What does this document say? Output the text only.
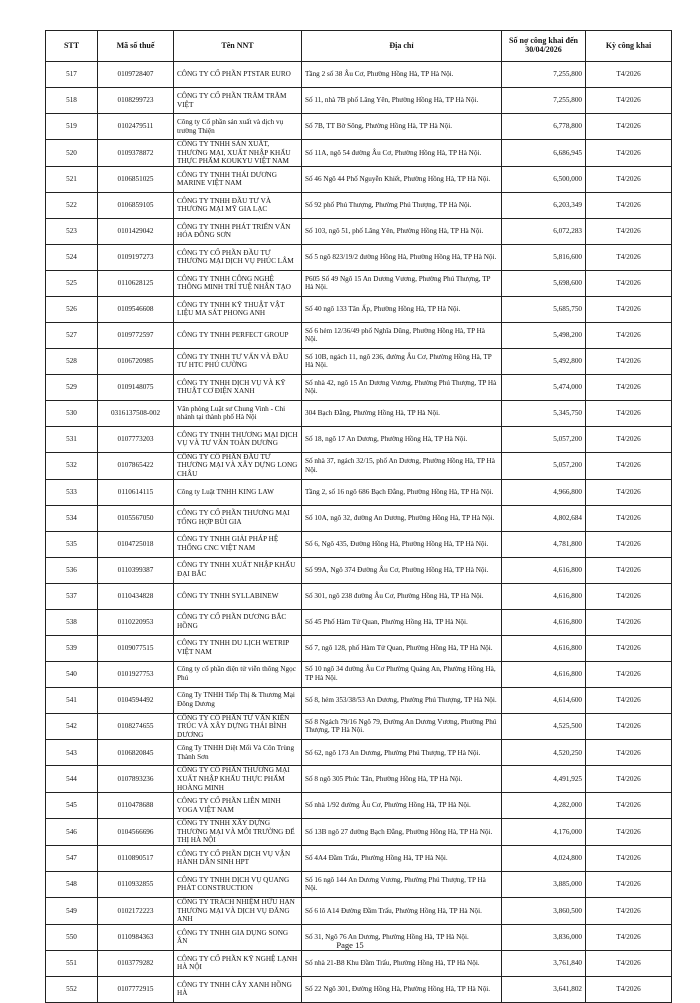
STT	Mã số thuế	Tên NNT	Địa chỉ	Số nợ công khai đến 30/04/2026	Kỳ công khai
517	0109728407	CÔNG TY CỔ PHẦN PTSTAR EURO	Tầng 2 số 38 Âu Cơ, Phường Hồng Hà, TP Hà Nội.	7,255,800	T4/2026
518	0108299723	CÔNG TY CỔ PHẦN TRĂM TRĂM VIỆT	Số 11, nhà 7B phố Lãng Yên, Phường Hồng Hà, TP Hà Nội.	7,255,800	T4/2026
519	0102479511	Công ty Cổ phần sản xuất và dịch vụ trường Thiện	Số 7B, TT Bờ Sông, Phường Hồng Hà, TP Hà Nội.	6,778,800	T4/2026
520	0109378872	CÔNG TY TNHH SẢN XUẤT, THƯƠNG MẠI, XUẤT NHẬP KHẨU THỰC PHẨM KOUKYU VIỆT NAM	Số 11A, ngõ 54 đường Âu Cơ, Phường Hồng Hà, TP Hà Nội.	6,686,945	T4/2026
521	0106851025	CÔNG TY TNHH THÁI DƯƠNG MARINE VIỆT NAM	Số 46 Ngõ 44 Phố Nguyễn Khiết, Phường Hồng Hà, TP Hà Nội.	6,500,000	T4/2026
522	0106859105	CÔNG TY TNHH ĐẦU TƯ VÀ THƯƠNG MẠI MỸ GIA LẠC	Số 92 phố Phú Thượng, Phường Phú Thượng, TP Hà Nội.	6,203,349	T4/2026
523	0101429042	CÔNG TY TNHH PHÁT TRIỂN VĂN HÓA ĐÔNG SƠN	Số 103, ngõ 51, phố Lãng Yên, Phường Hồng Hà, TP Hà Nội.	6,072,283	T4/2026
524	0109197273	CÔNG TY CỔ PHẦN ĐẦU TƯ THƯƠNG MẠI DỊCH VỤ PHÚC LÂM	Số 5 ngõ 823/19/2 đường Hồng Hà, Phường Hồng Hà, TP Hà Nội.	5,816,600	T4/2026
525	0110628125	CÔNG TY TNHH CÔNG NGHỆ THÔNG MINH TRÍ TUỆ NHÂN TẠO	P605 Số 49 Ngõ 15 An Dương Vương, Phường Phú Thượng, TP Hà Nội.	5,698,600	T4/2026
526	0109546608	CÔNG TY TNHH KỸ THUẬT VẬT LIỆU MA SÁT PHONG ANH	Số 40 ngõ 133 Tân Ấp, Phường Hồng Hà, TP Hà Nội.	5,685,750	T4/2026
527	0109772597	CÔNG TY TNHH PERFECT GROUP	Số 6 hẻm 12/36/49 phố Nghĩa Dũng, Phường Hồng Hà, TP Hà Nội.	5,498,200	T4/2026
528	0106720985	CÔNG TY TNHH TƯ VẤN VÀ ĐẦU TƯ HTC PHÚ CƯỜNG	Số 10B, ngách 11, ngõ 236, đường Âu Cơ, Phường Hồng Hà, TP Hà Nội.	5,492,800	T4/2026
529	0109148075	CÔNG TY TNHH DỊCH VỤ VÀ KỸ THUẬT CƠ ĐIỆN XANH	Số nhà 42, ngõ 15 An Dương Vương, Phường Phú Thượng, TP Hà Nội.	5,474,000	T4/2026
530	0316137508-002	Văn phòng Luật sư Chung Vinh - Chi nhánh tại thành phố Hà Nội	304 Bạch Đằng, Phường Hồng Hà, TP Hà Nội.	5,345,750	T4/2026
531	0107773203	CÔNG TY TNHH THƯƠNG MẠI DỊCH VỤ VÀ TƯ VẤN TOÀN DƯƠNG	Số 18, ngõ 17 An Dương, Phường Hồng Hà, TP Hà Nội.	5,057,200	T4/2026
532	0107865422	CÔNG TY CỔ PHẦN ĐẦU TƯ THƯƠNG MẠI VÀ XÂY DỰNG LONG CHÂU	Số nhà 37, ngách 32/15, phố An Dương, Phường Hồng Hà, TP Hà Nội.	5,057,200	T4/2026
533	0110614115	Công ty Luật TNHH KING LAW	Tầng 2, số 16 ngõ 686 Bạch Đằng, Phường Hồng Hà, TP Hà Nội.	4,966,800	T4/2026
534	0105567050	CÔNG TY CỔ PHẦN THƯƠNG MẠI TỔNG HỢP BÙI GIA	Số 10A, ngõ 32, đường An Dương, Phường Hồng Hà, TP Hà Nội.	4,802,684	T4/2026
535	0104725018	CÔNG TY TNHH GIẢI PHÁP HỆ THỐNG CNC VIỆT NAM	Số 6, Ngõ 435, Đường Hồng Hà, Phường Hồng Hà, TP Hà Nội.	4,781,800	T4/2026
536	0110399387	CÔNG TY TNHH XUẤT NHẬP KHẨU ĐẠI BẮC	Số 99A, Ngõ 374 Đường Âu Cơ, Phường Hồng Hà, TP Hà Nội.	4,616,800	T4/2026
537	0110434828	CÔNG TY TNHH SYLLABINEW	Số 301, ngõ 238 đường Âu Cơ, Phường Hồng Hà, TP Hà Nội.	4,616,800	T4/2026
538	0110220953	CÔNG TY CỔ PHẦN DƯƠNG BẮC HỒNG	Số 45 Phố Hàm Tử Quan, Phường Hồng Hà, TP Hà Nội.	4,616,800	T4/2026
539	0109077515	CÔNG TY TNHH DU LỊCH WETRIP VIỆT NAM	Số 7, ngõ 128, phố Hàm Tử Quan, Phường Hồng Hà, TP Hà Nội.	4,616,800	T4/2026
540	0101927753	Công ty cổ phần điện tử viễn thông Ngọc Phú	Số 10 ngõ 34 đường Âu Cơ Phường Quảng An, Phường Hồng Hà, TP Hà Nội.	4,616,800	T4/2026
541	0104594492	Công Ty TNHH Tiếp Thị & Thương Mại Đông Dương	Số 8, hẻm 353/38/53 An Dương, Phường Phú Thượng, TP Hà Nội.	4,614,600	T4/2026
542	0108274655	CÔNG TY CỔ PHẦN TƯ VẤN KIẾN TRÚC VÀ XÂY DỰNG THÁI BÌNH DƯƠNG	Số 8 Ngách 79/16 Ngõ 79, Đường An Dương Vương, Phường Phú Thượng, TP Hà Nội.	4,525,500	T4/2026
543	0106820845	Công Ty TNHH Diệt Mối Và Côn Trùng Thành Sơn	Số 62, ngõ 173 An Dương, Phường Phú Thượng, TP Hà Nội.	4,520,250	T4/2026
544	0107893236	CÔNG TY CỔ PHẦN THƯƠNG MẠI XUẤT NHẬP KHẨU THỰC PHẨM HOÀNG MINH	Số 8 ngõ 305 Phúc Tân, Phường Hồng Hà, TP Hà Nội.	4,491,925	T4/2026
545	0110478688	CÔNG TY CỔ PHẦN LIÊN MINH YOGA VIỆT NAM	Số nhà 1/92 đường Âu Cơ, Phường Hồng Hà, TP Hà Nội.	4,282,000	T4/2026
546	0104566696	CÔNG TY TNHH XÂY DỰNG THƯƠNG MẠI VÀ MÔI TRƯỜNG ĐỂ THỊ HÀ NỘI	Số 13B ngõ 27 đường Bạch Đằng, Phường Hồng Hà, TP Hà Nội.	4,176,000	T4/2026
547	0110890517	CÔNG TY CỔ PHẦN DỊCH VỤ VẬN HÀNH DÂN SINH HPT	Số 4A4 Đầm Trấu, Phường Hồng Hà, TP Hà Nội.	4,024,800	T4/2026
548	0110932855	CÔNG TY TNHH DỊCH VỤ QUANG PHÁT CONSTRUCTION	Số 16 ngõ 144 An Dương Vương, Phường Phú Thượng, TP Hà Nội.	3,885,000	T4/2026
549	0102172223	CÔNG TY TRÁCH NHIỆM HỮU HẠN THƯƠNG MẠI VÀ DỊCH VỤ ĐĂNG ANH	Số 6 lô A14 Đường Đầm Trấu, Phường Hồng Hà, TP Hà Nội.	3,860,500	T4/2026
550	0110984363	CÔNG TY TNHH GIA DỤNG SONG ÂN	Số 31, Ngõ 76 An Dương, Phường Hồng Hà, TP Hà Nội.	3,836,000	T4/2026
551	0103779282	CÔNG TY CỔ PHẦN KỸ NGHỆ LẠNH HÀ NỘI	Số nhà 21-B8 Khu Đầm Trấu, Phường Hồng Hà, TP Hà Nội.	3,761,840	T4/2026
552	0107772915	CÔNG TY TNHH CÂY XANH HỒNG HÀ	Số 22 Ngõ 301, Đường Hồng Hà, Phường Hồng Hà, TP Hà Nội.	3,641,802	T4/2026
Page 15
